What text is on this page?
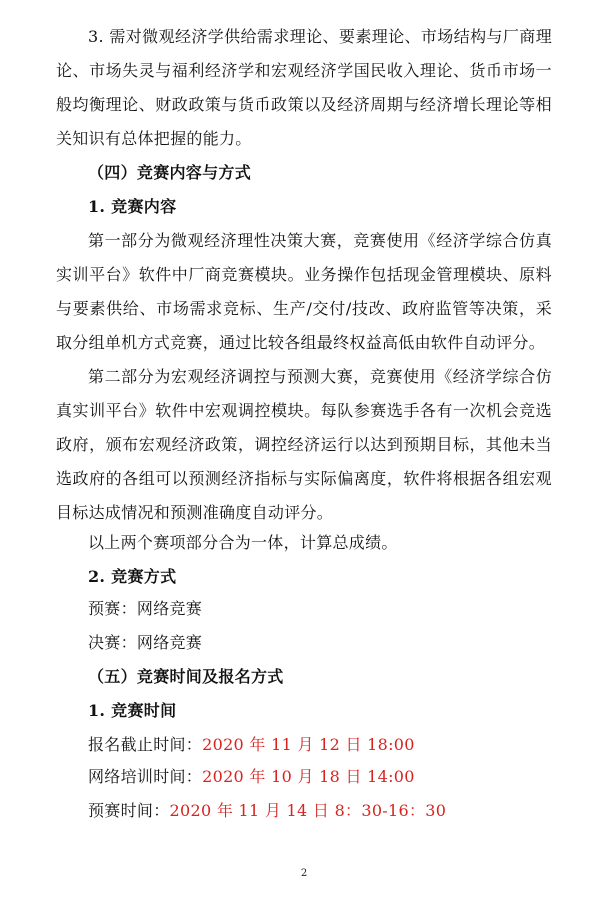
3. 需对微观经济学供给需求理论、要素理论、市场结构与厂商理论、市场失灵与福利经济学和宏观经济学国民收入理论、货币市场一般均衡理论、财政政策与货币政策以及经济周期与经济增长理论等相关知识有总体把握的能力。

（四）竞赛内容与方式

1. 竞赛内容

第一部分为微观经济理性决策大赛，竞赛使用《经济学综合仿真实训平台》软件中厂商竞赛模块。业务操作包括现金管理模块、原料与要素供给、市场需求竞标、生产/交付/技改、政府监管等决策，采取分组单机方式竞赛，通过比较各组最终权益高低由软件自动评分。

第二部分为宏观经济调控与预测大赛，竞赛使用《经济学综合仿真实训平台》软件中宏观调控模块。每队参赛选手各有一次机会竞选政府，颁布宏观经济政策，调控经济运行以达到预期目标，其他未当选政府的各组可以预测经济指标与实际偏离度，软件将根据各组宏观目标达成情况和预测准确度自动评分。

以上两个赛项部分合为一体，计算总成绩。

2. 竞赛方式

预赛：网络竞赛

决赛：网络竞赛

（五）竞赛时间及报名方式

1. 竞赛时间

报名截止时间：2020 年 11 月 12 日 18:00

网络培训时间：2020 年 10 月 18 日 14:00

预赛时间：2020 年 11 月 14 日 8：30-16：30

2
